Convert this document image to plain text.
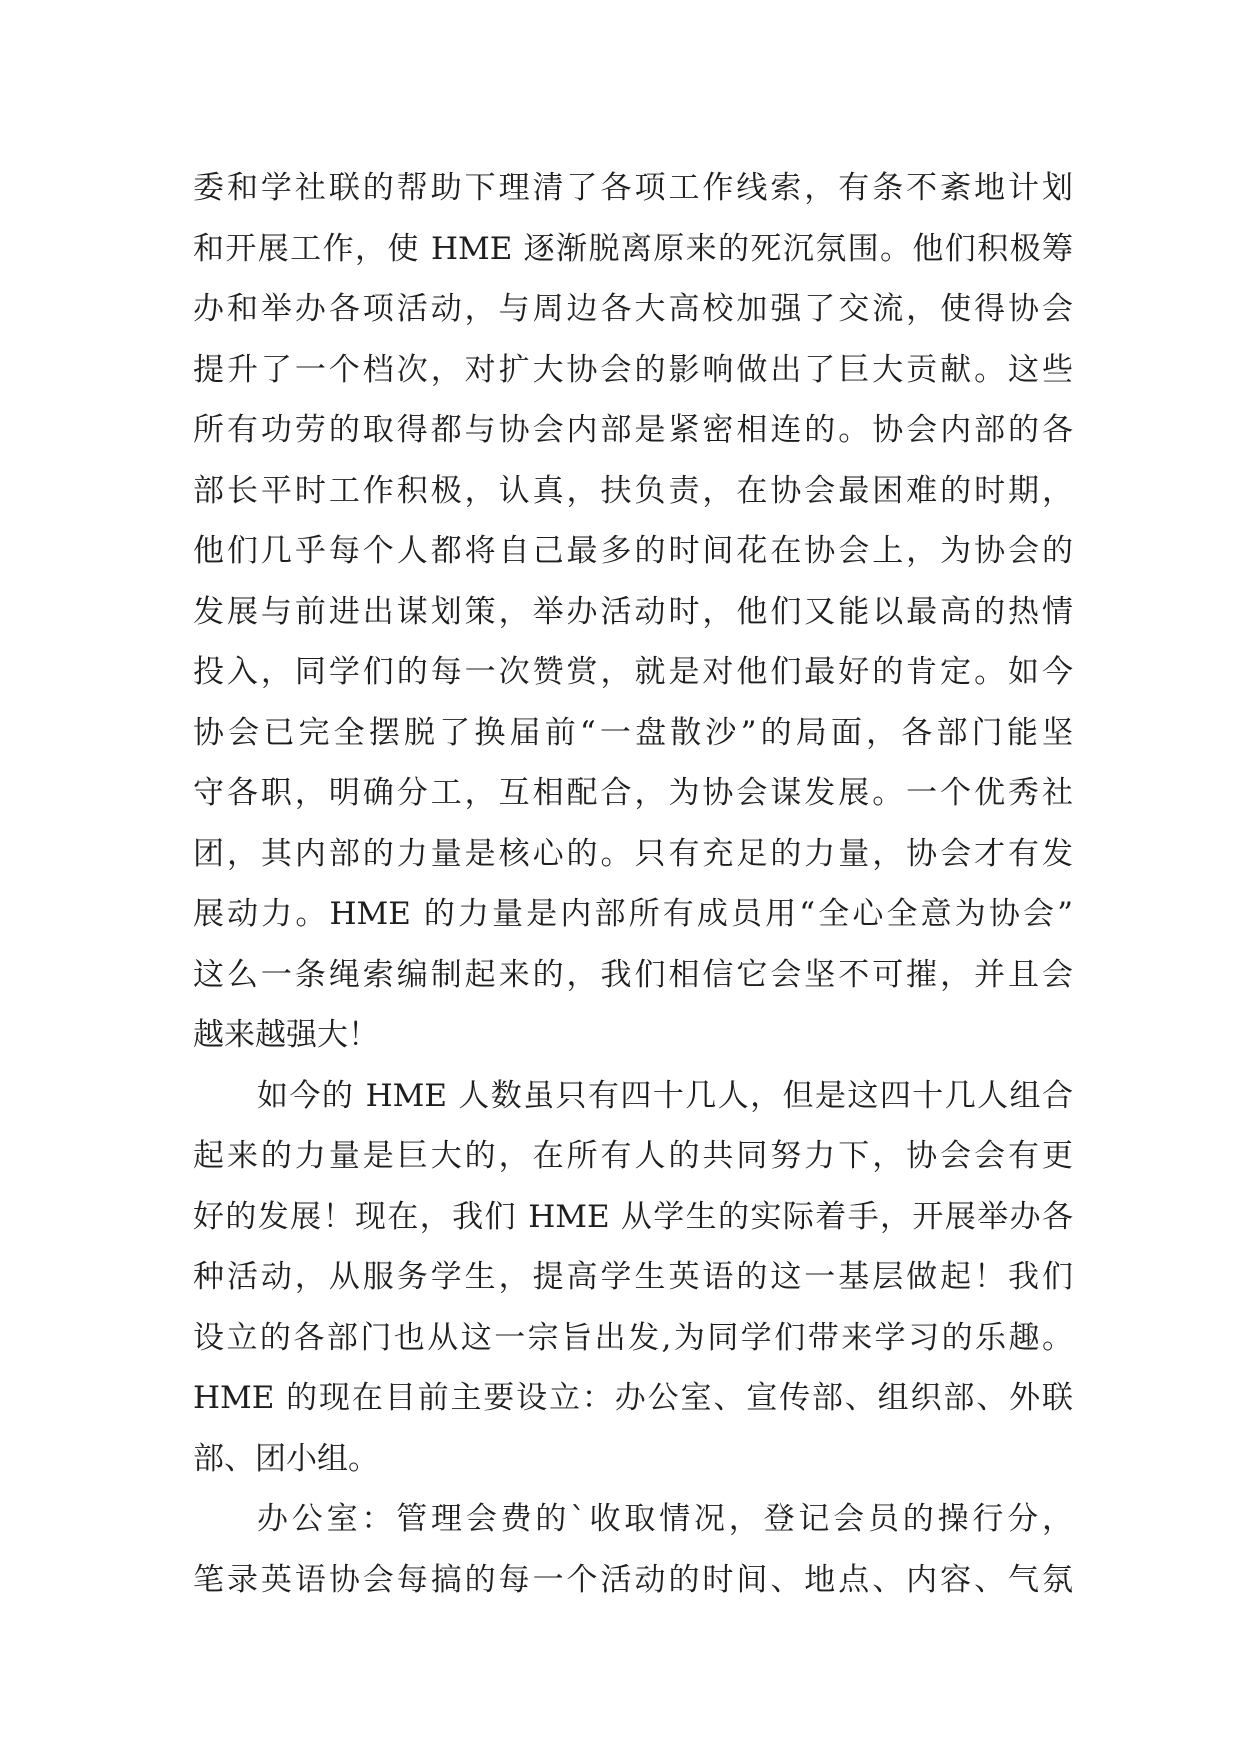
委和学社联的帮助下理清了各项工作线索，有条不紊地计划
和开展工作，使 HME 逐渐脱离原来的死沉氛围。他们积极筹
办和举办各项活动，与周边各大高校加强了交流，使得协会
提升了一个档次，对扩大协会的影响做出了巨大贡献。这些
所有功劳的取得都与协会内部是紧密相连的。协会内部的各
部长平时工作积极，认真，扶负责，在协会最困难的时期，
他们几乎每个人都将自己最多的时间花在协会上，为协会的
发展与前进出谋划策，举办活动时，他们又能以最高的热情
投入，同学们的每一次赞赏，就是对他们最好的肯定。如今
协会已完全摆脱了换届前“一盘散沙”的局面，各部门能坚
守各职，明确分工，互相配合，为协会谋发展。一个优秀社
团，其内部的力量是核心的。只有充足的力量，协会才有发
展动力。HME 的力量是内部所有成员用“全心全意为协会”
这么一条绳索编制起来的，我们相信它会坚不可摧，并且会
越来越强大！
如今的 HME 人数虽只有四十几人，但是这四十几人组合
起来的力量是巨大的，在所有人的共同努力下，协会会有更
好的发展！现在，我们 HME 从学生的实际着手，开展举办各
种活动，从服务学生，提高学生英语的这一基层做起！我们
设立的各部门也从这一宗旨出发,为同学们带来学习的乐趣。
HME 的现在目前主要设立：办公室、宣传部、组织部、外联
部、团小组。
办公室：管理会费的`收取情况，登记会员的操行分，
笔录英语协会每搞的每一个活动的时间、地点、内容、气氛
